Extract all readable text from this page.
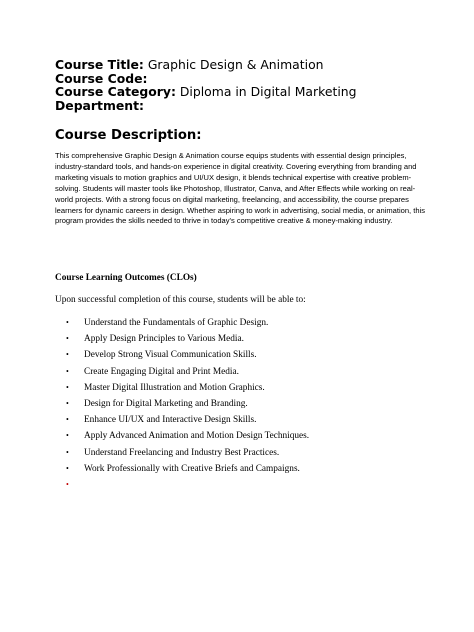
Course Title: Graphic Design & Animation
Course Code:
Course Category: Diploma in Digital Marketing
Department:
Course Description:
This comprehensive Graphic Design & Animation course equips students with essential design principles, industry-standard tools, and hands-on experience in digital creativity. Covering everything from branding and marketing visuals to motion graphics and UI/UX design, it blends technical expertise with creative problem-solving. Students will master tools like Photoshop, Illustrator, Canva, and After Effects while working on real-world projects. With a strong focus on digital marketing, freelancing, and accessibility, the course prepares learners for dynamic careers in design. Whether aspiring to work in advertising, social media, or animation, this program provides the skills needed to thrive in today's competitive creative & money-making industry.
Course Learning Outcomes (CLOs)
Upon successful completion of this course, students will be able to:
• Understand the Fundamentals of Graphic Design.
• Apply Design Principles to Various Media.
• Develop Strong Visual Communication Skills.
• Create Engaging Digital and Print Media.
• Master Digital Illustration and Motion Graphics.
• Design for Digital Marketing and Branding.
• Enhance UI/UX and Interactive Design Skills.
• Apply Advanced Animation and Motion Design Techniques.
• Understand Freelancing and Industry Best Practices.
• Work Professionally with Creative Briefs and Campaigns.
•
